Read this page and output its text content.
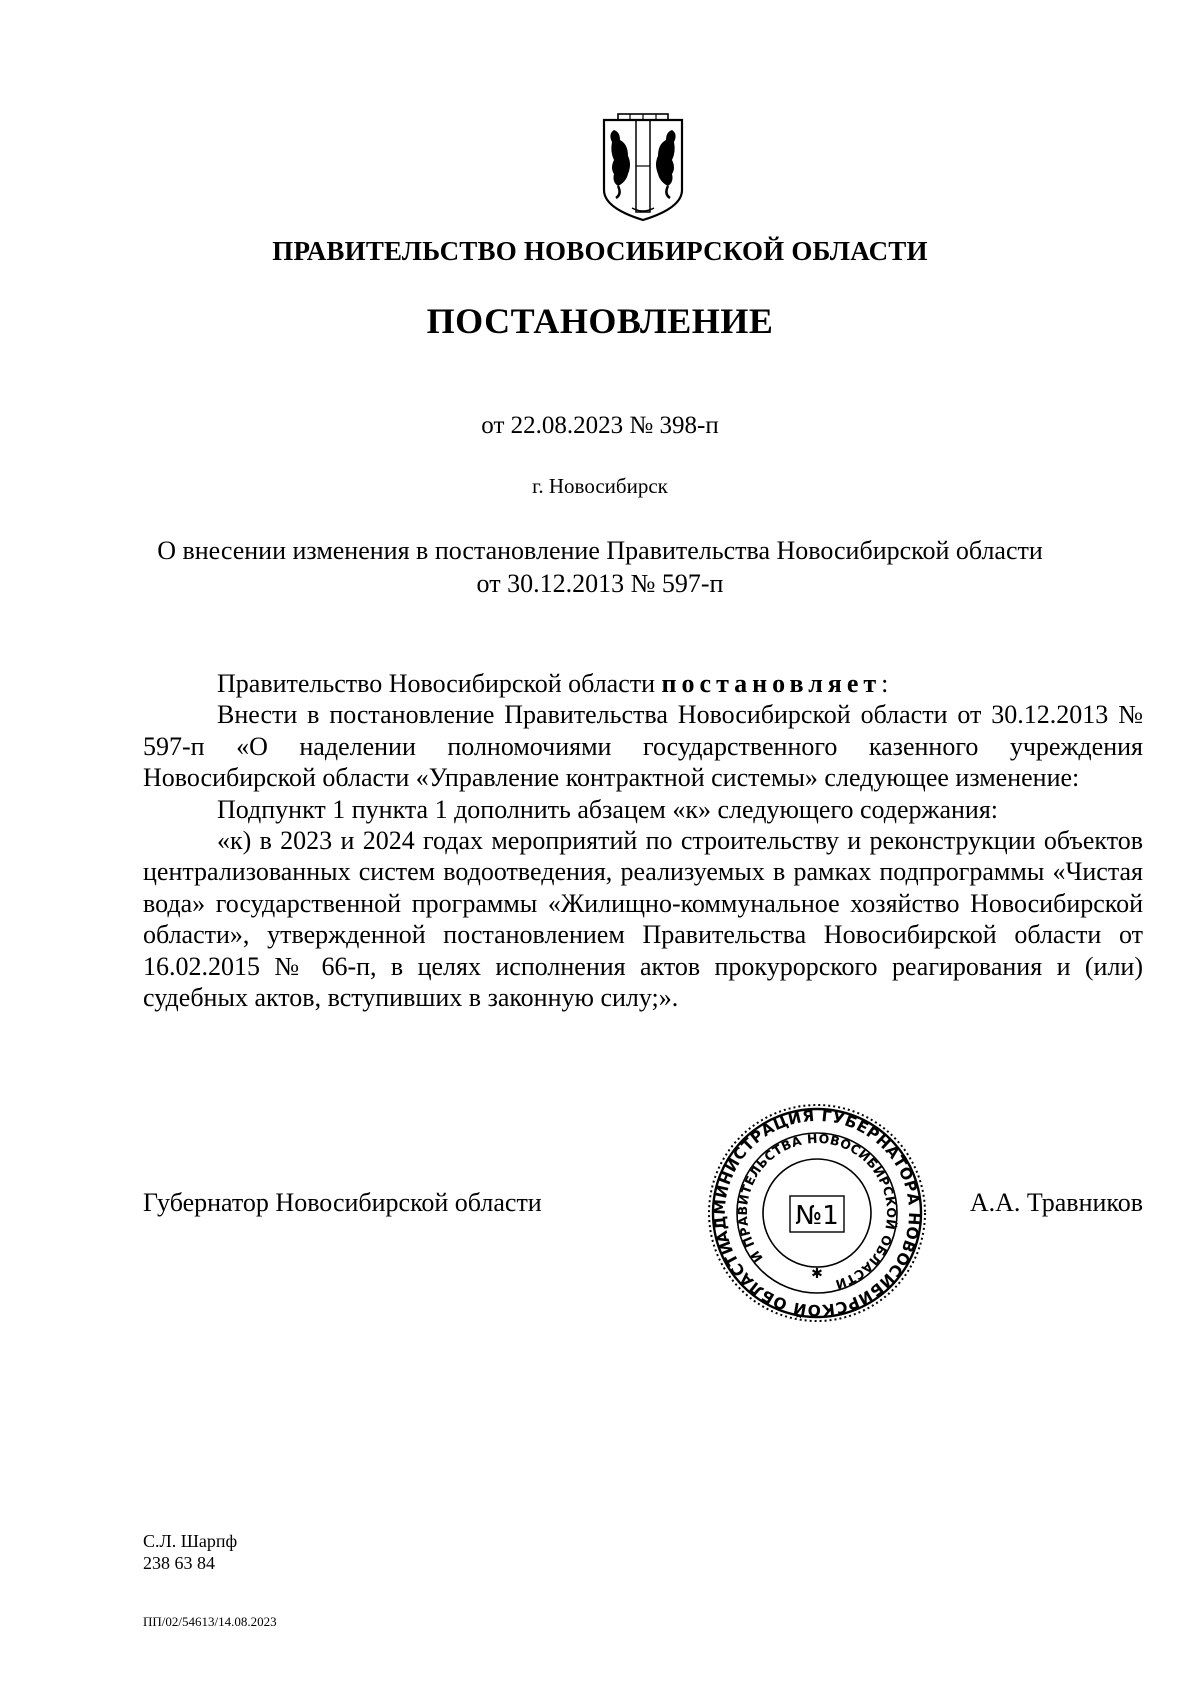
ПРАВИТЕЛЬСТВО НОВОСИБИРСКОЙ ОБЛАСТИ
ПОСТАНОВЛЕНИЕ
от 22.08.2023 № 398-п
г. Новосибирск
О внесении изменения в постановление Правительства Новосибирской области
от 30.12.2013 № 597-п

Правительство Новосибирской области постановляет:

Внести в постановление Правительства Новосибирской области от 30.12.2013 № 597-п «О наделении полномочиями государственного казенного учреждения Новосибирской области «Управление контрактной системы» следующее изменение:

Подпункт 1 пункта 1 дополнить абзацем «к» следующего содержания:

«к) в 2023 и 2024 годах мероприятий по строительству и реконструкции объектов централизованных систем водоотведения, реализуемых в рамках подпрограммы «Чистая вода» государственной программы «Жилищно-коммунальное хозяйство Новосибирской области», утвержденной постановлением Правительства Новосибирской области от 16.02.2015 № 66-п, в целях исполнения актов прокурорского реагирования и (или) судебных актов, вступивших в законную силу;».

Губернатор Новосибирской области	А.А. Травников
АДМИНИСТРАЦИЯ ГУБЕРНАТОРА НОВОСИБИРСКОЙ ОБЛАСТИ И ПРАВИТЕЛЬСТВА НОВОСИБИРСКОЙ ОБЛАСТИ
№1
✱
С.Л. Шарпф
238 63 84
ПП/02/54613/14.08.2023
